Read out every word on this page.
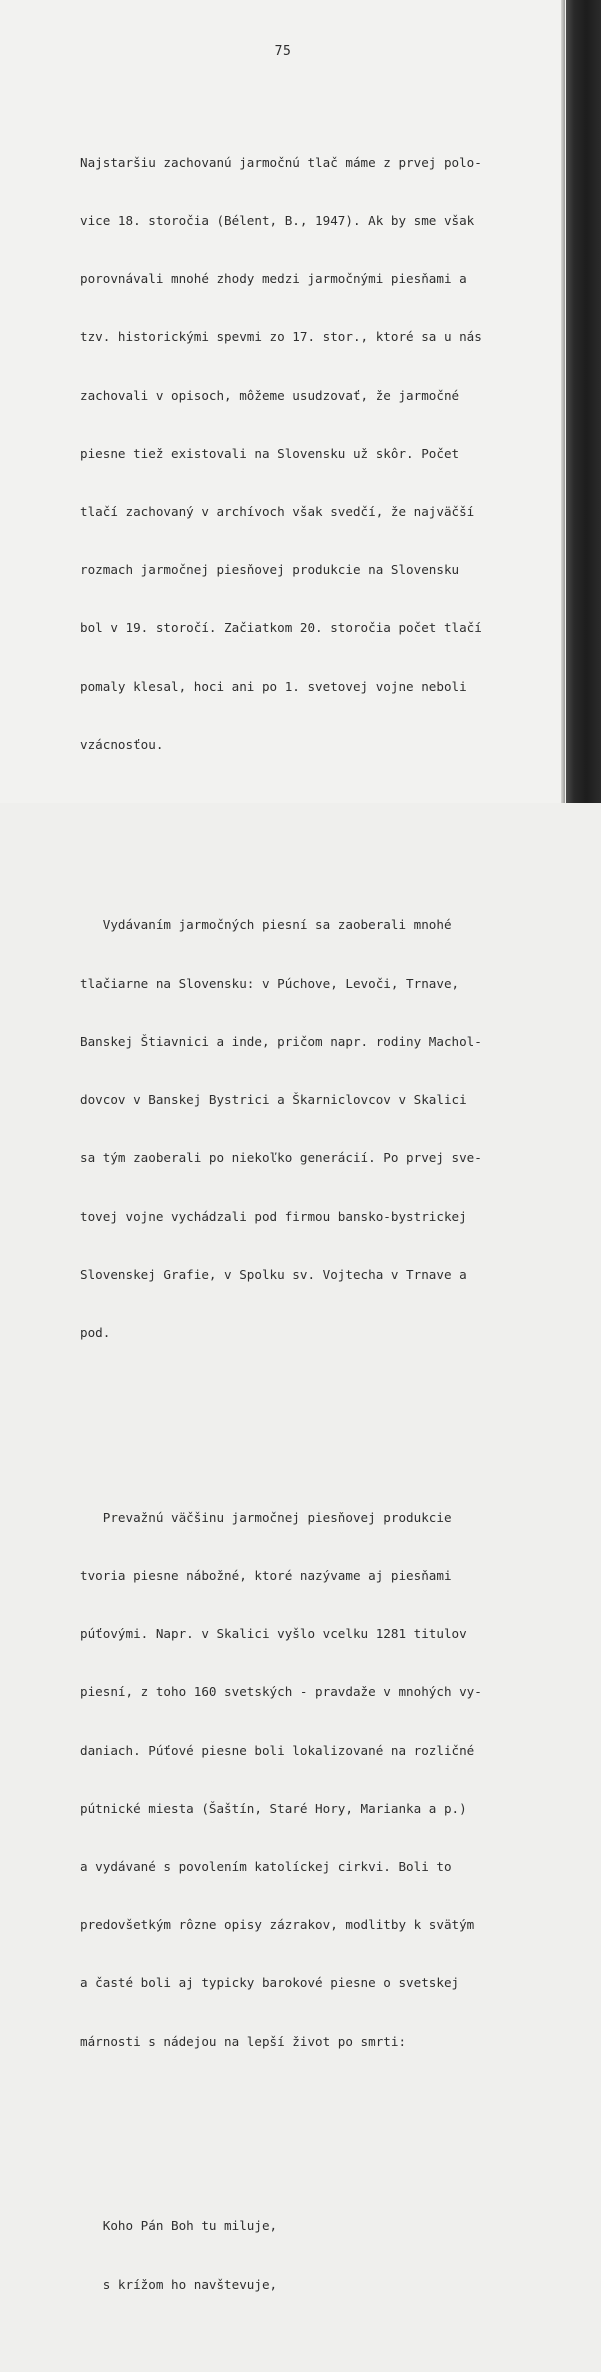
75

Najstaršiu zachovanú jarmočnú tlač máme z prvej polo-

vice 18. storočia (Bélent, B., 1947). Ak by sme však

porovnávali mnohé zhody medzi jarmočnými piesňami a

tzv. historickými spevmi zo 17. stor., ktoré sa u nás

zachovali v opisoch, môžeme usudzovať, že jarmočné

piesne tiež existovali na Slovensku už skôr. Počet

tlačí zachovaný v archívoch však svedčí, že najväčší

rozmach jarmočnej piesňovej produkcie na Slovensku

bol v 19. storočí. Začiatkom 20. storočia počet tlačí

pomaly klesal, hoci ani po 1. svetovej vojne neboli

vzácnosťou.

Vydávaním jarmočných piesní sa zaoberali mnohé

tlačiarne na Slovensku: v Púchove, Levoči, Trnave,

Banskej Štiavnici a inde, pričom napr. rodiny Machol-

dovcov v Banskej Bystrici a Škarniclovcov v Skalici

sa tým zaoberali po niekoľko generácií. Po prvej sve-

tovej vojne vychádzali pod firmou bansko-bystrickej

Slovenskej Grafie, v Spolku sv. Vojtecha v Trnave a

pod.

Prevažnú väčšinu jarmočnej piesňovej produkcie

tvoria piesne nábožné, ktoré nazývame aj piesňami

púťovými. Napr. v Skalici vyšlo vcelku 1281 titulov

piesní, z toho 160 svetských - pravdaže v mnohých vy-

daniach. Púťové piesne boli lokalizované na rozličné

pútnické miesta (Šaštín, Staré Hory, Marianka a p.)

a vydávané s povolením katolíckej cirkvi. Boli to

predovšetkým rôzne opisy zázrakov, modlitby k svätým

a časté boli aj typicky barokové piesne o svetskej

márnosti s nádejou na lepší život po smrti:

Koho Pán Boh tu miluje,

s krížom ho navštevuje,
